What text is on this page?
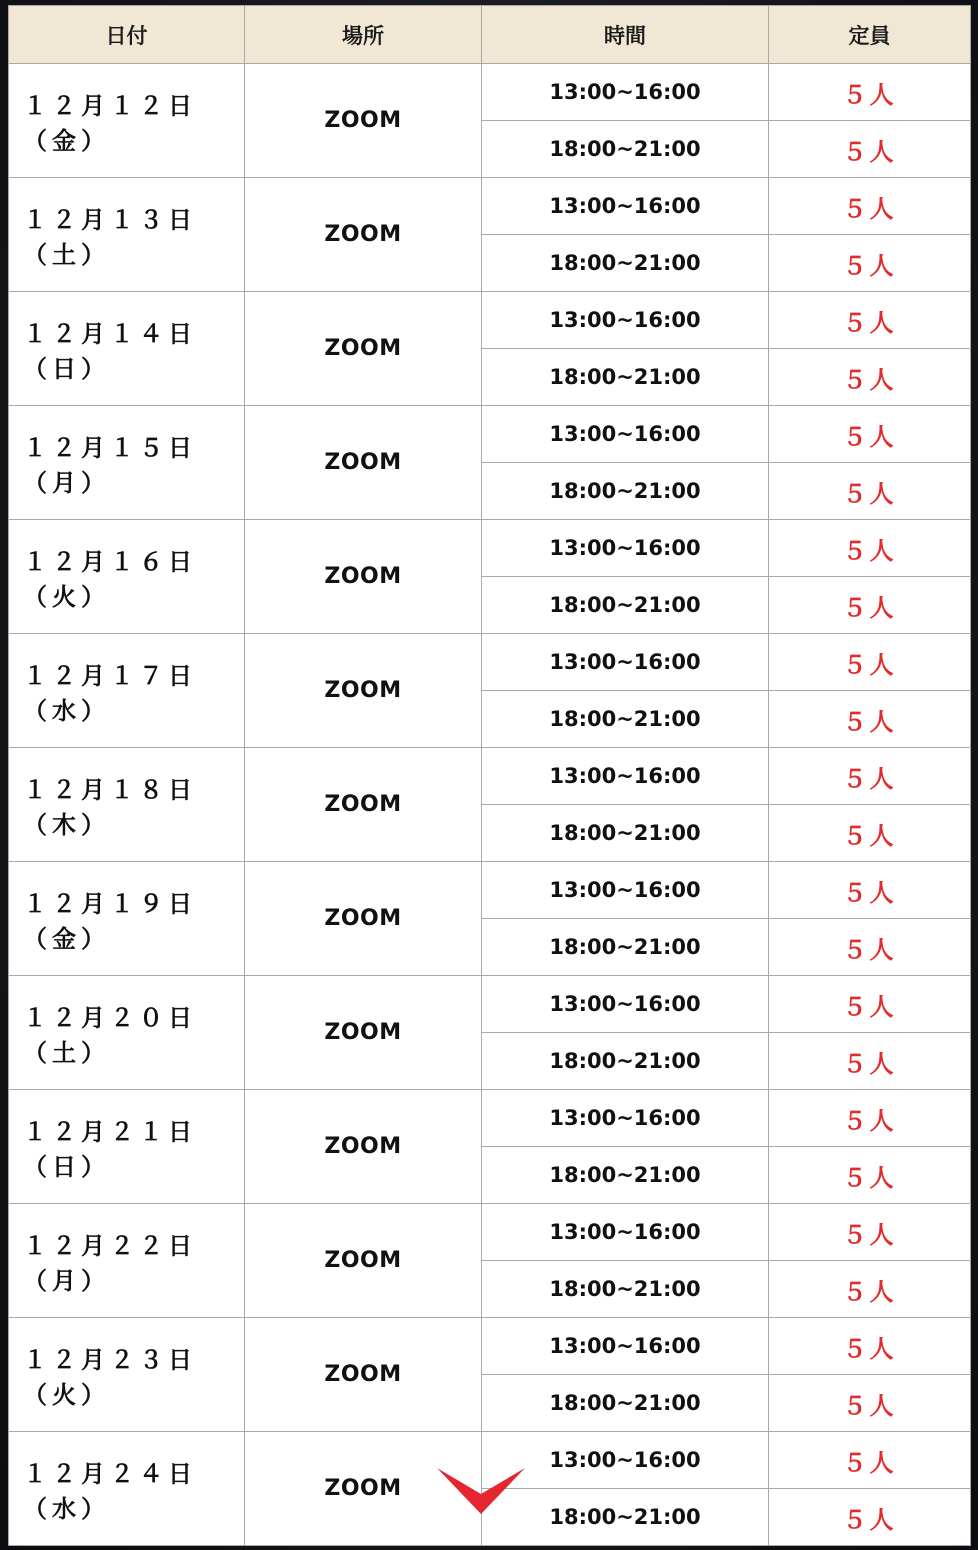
日付	場所	時間	定員
１２月１２日（金）	ZOOM	13:00~16:00	５人
		18:00~21:00	５人
１２月１３日（土）	ZOOM	13:00~16:00	５人
		18:00~21:00	５人
１２月１４日（日）	ZOOM	13:00~16:00	５人
		18:00~21:00	５人
１２月１５日（月）	ZOOM	13:00~16:00	５人
		18:00~21:00	５人
１２月１６日（火）	ZOOM	13:00~16:00	５人
		18:00~21:00	５人
１２月１７日（水）	ZOOM	13:00~16:00	５人
		18:00~21:00	５人
１２月１８日（木）	ZOOM	13:00~16:00	５人
		18:00~21:00	５人
１２月１９日（金）	ZOOM	13:00~16:00	５人
		18:00~21:00	５人
１２月２０日（土）	ZOOM	13:00~16:00	５人
		18:00~21:00	５人
１２月２１日（日）	ZOOM	13:00~16:00	５人
		18:00~21:00	５人
１２月２２日（月）	ZOOM	13:00~16:00	５人
		18:00~21:00	５人
１２月２３日（火）	ZOOM	13:00~16:00	５人
		18:00~21:00	５人
１２月２４日（水）	ZOOM	13:00~16:00	５人
		18:00~21:00	５人
